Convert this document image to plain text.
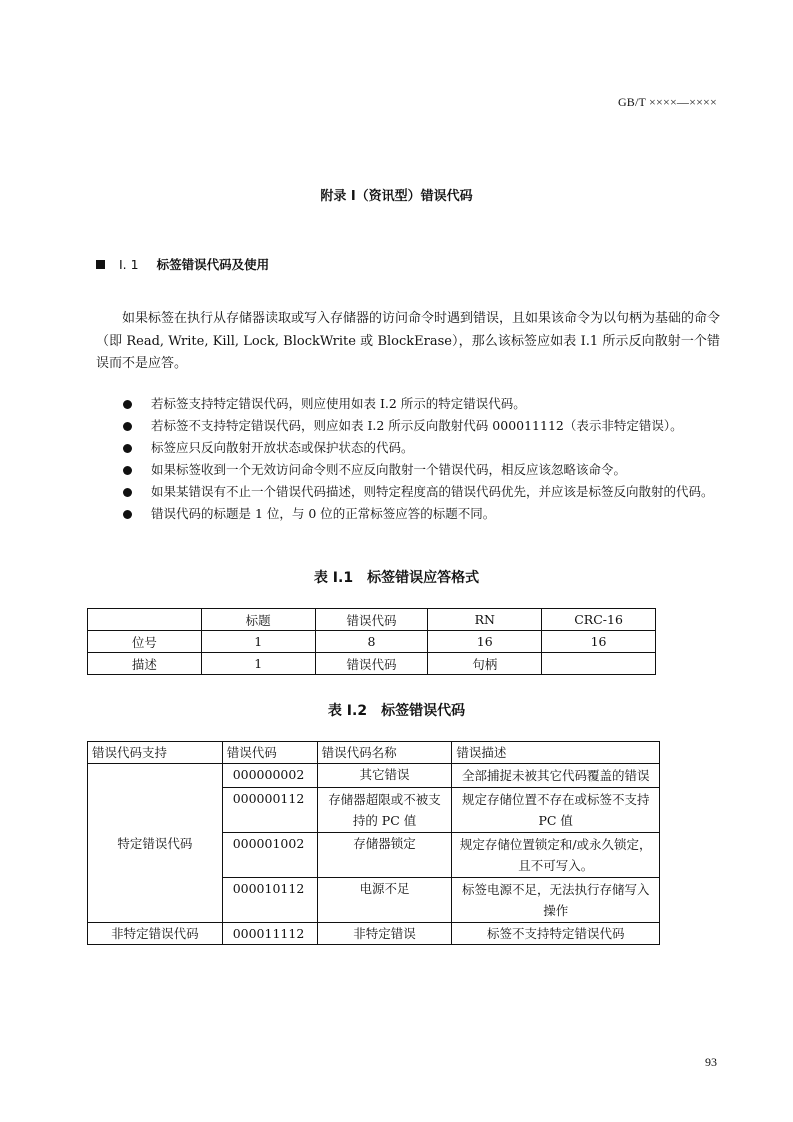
GB/T ××××—××××
附录 I（资讯型）错误代码
I. 1 标签错误代码及使用
如果标签在执行从存储器读取或写入存储器的访问命令时遇到错误，且如果该命令为以句柄为基础的命令（即 Read, Write, Kill, Lock, BlockWrite 或 BlockErase），那么该标签应如表 I.1 所示反向散射一个错误而不是应答。
若标签支持特定错误代码，则应使用如表 I.2 所示的特定错误代码。
若标签不支持特定错误代码，则应如表 I.2 所示反向散射代码 000011112（表示非特定错误）。
标签应只反向散射开放状态或保护状态的代码。
如果标签收到一个无效访问命令则不应反向散射一个错误代码，相反应该忽略该命令。
如果某错误有不止一个错误代码描述，则特定程度高的错误代码优先，并应该是标签反向散射的代码。
错误代码的标题是 1 位，与 0 位的正常标签应答的标题不同。
表 I.1　标签错误应答格式
	标题	错误代码	RN	CRC-16
位号	1	8	16	16
描述	1	错误代码	句柄	
表 I.2　标签错误代码
错误代码支持	错误代码	错误代码名称	错误描述
特定错误代码	000000002	其它错误	全部捕捉未被其它代码覆盖的错误
	000000112	存储器超限或不被支持的 PC 值	规定存储位置不存在或标签不支持 PC 值
	000001002	存储器锁定	规定存储位置锁定和/或永久锁定，且不可写入。
	000010112	电源不足	标签电源不足，无法执行存储写入操作
非特定错误代码	000011112	非特定错误	标签不支持特定错误代码
93
